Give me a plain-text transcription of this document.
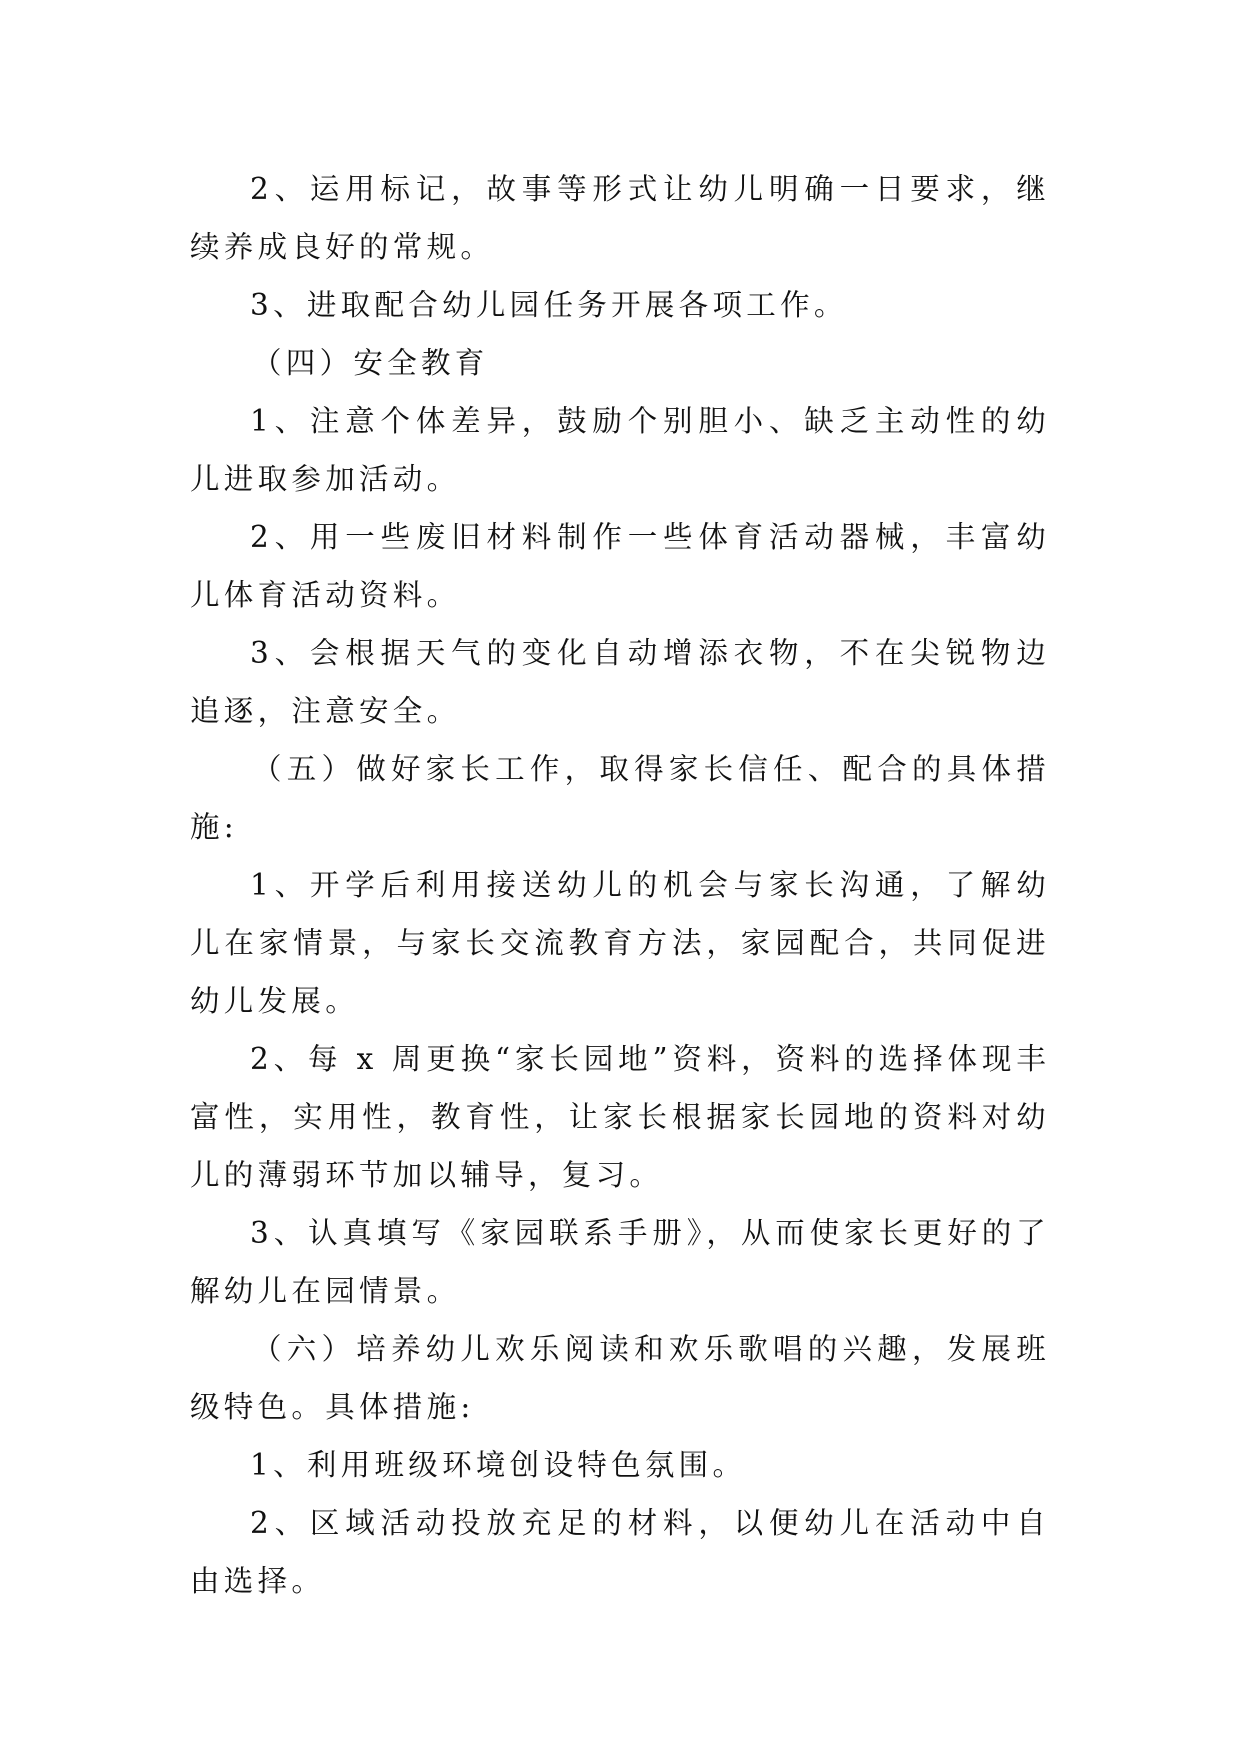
2、运用标记，故事等形式让幼儿明确一日要求，继续养成良好的常规。

3、进取配合幼儿园任务开展各项工作。

（四）安全教育

1、注意个体差异，鼓励个别胆小、缺乏主动性的幼儿进取参加活动。

2、用一些废旧材料制作一些体育活动器械，丰富幼儿体育活动资料。

3、会根据天气的变化自动增添衣物，不在尖锐物边追逐，注意安全。

（五）做好家长工作，取得家长信任、配合的具体措施:

1、开学后利用接送幼儿的机会与家长沟通，了解幼儿在家情景，与家长交流教育方法，家园配合，共同促进幼儿发展。

2、每 x 周更换“家长园地”资料，资料的选择体现丰富性，实用性，教育性，让家长根据家长园地的资料对幼儿的薄弱环节加以辅导，复习。

3、认真填写《家园联系手册》，从而使家长更好的了解幼儿在园情景。

（六）培养幼儿欢乐阅读和欢乐歌唱的兴趣，发展班级特色。具体措施:

1、利用班级环境创设特色氛围。

2、区域活动投放充足的材料，以便幼儿在活动中自由选择。
